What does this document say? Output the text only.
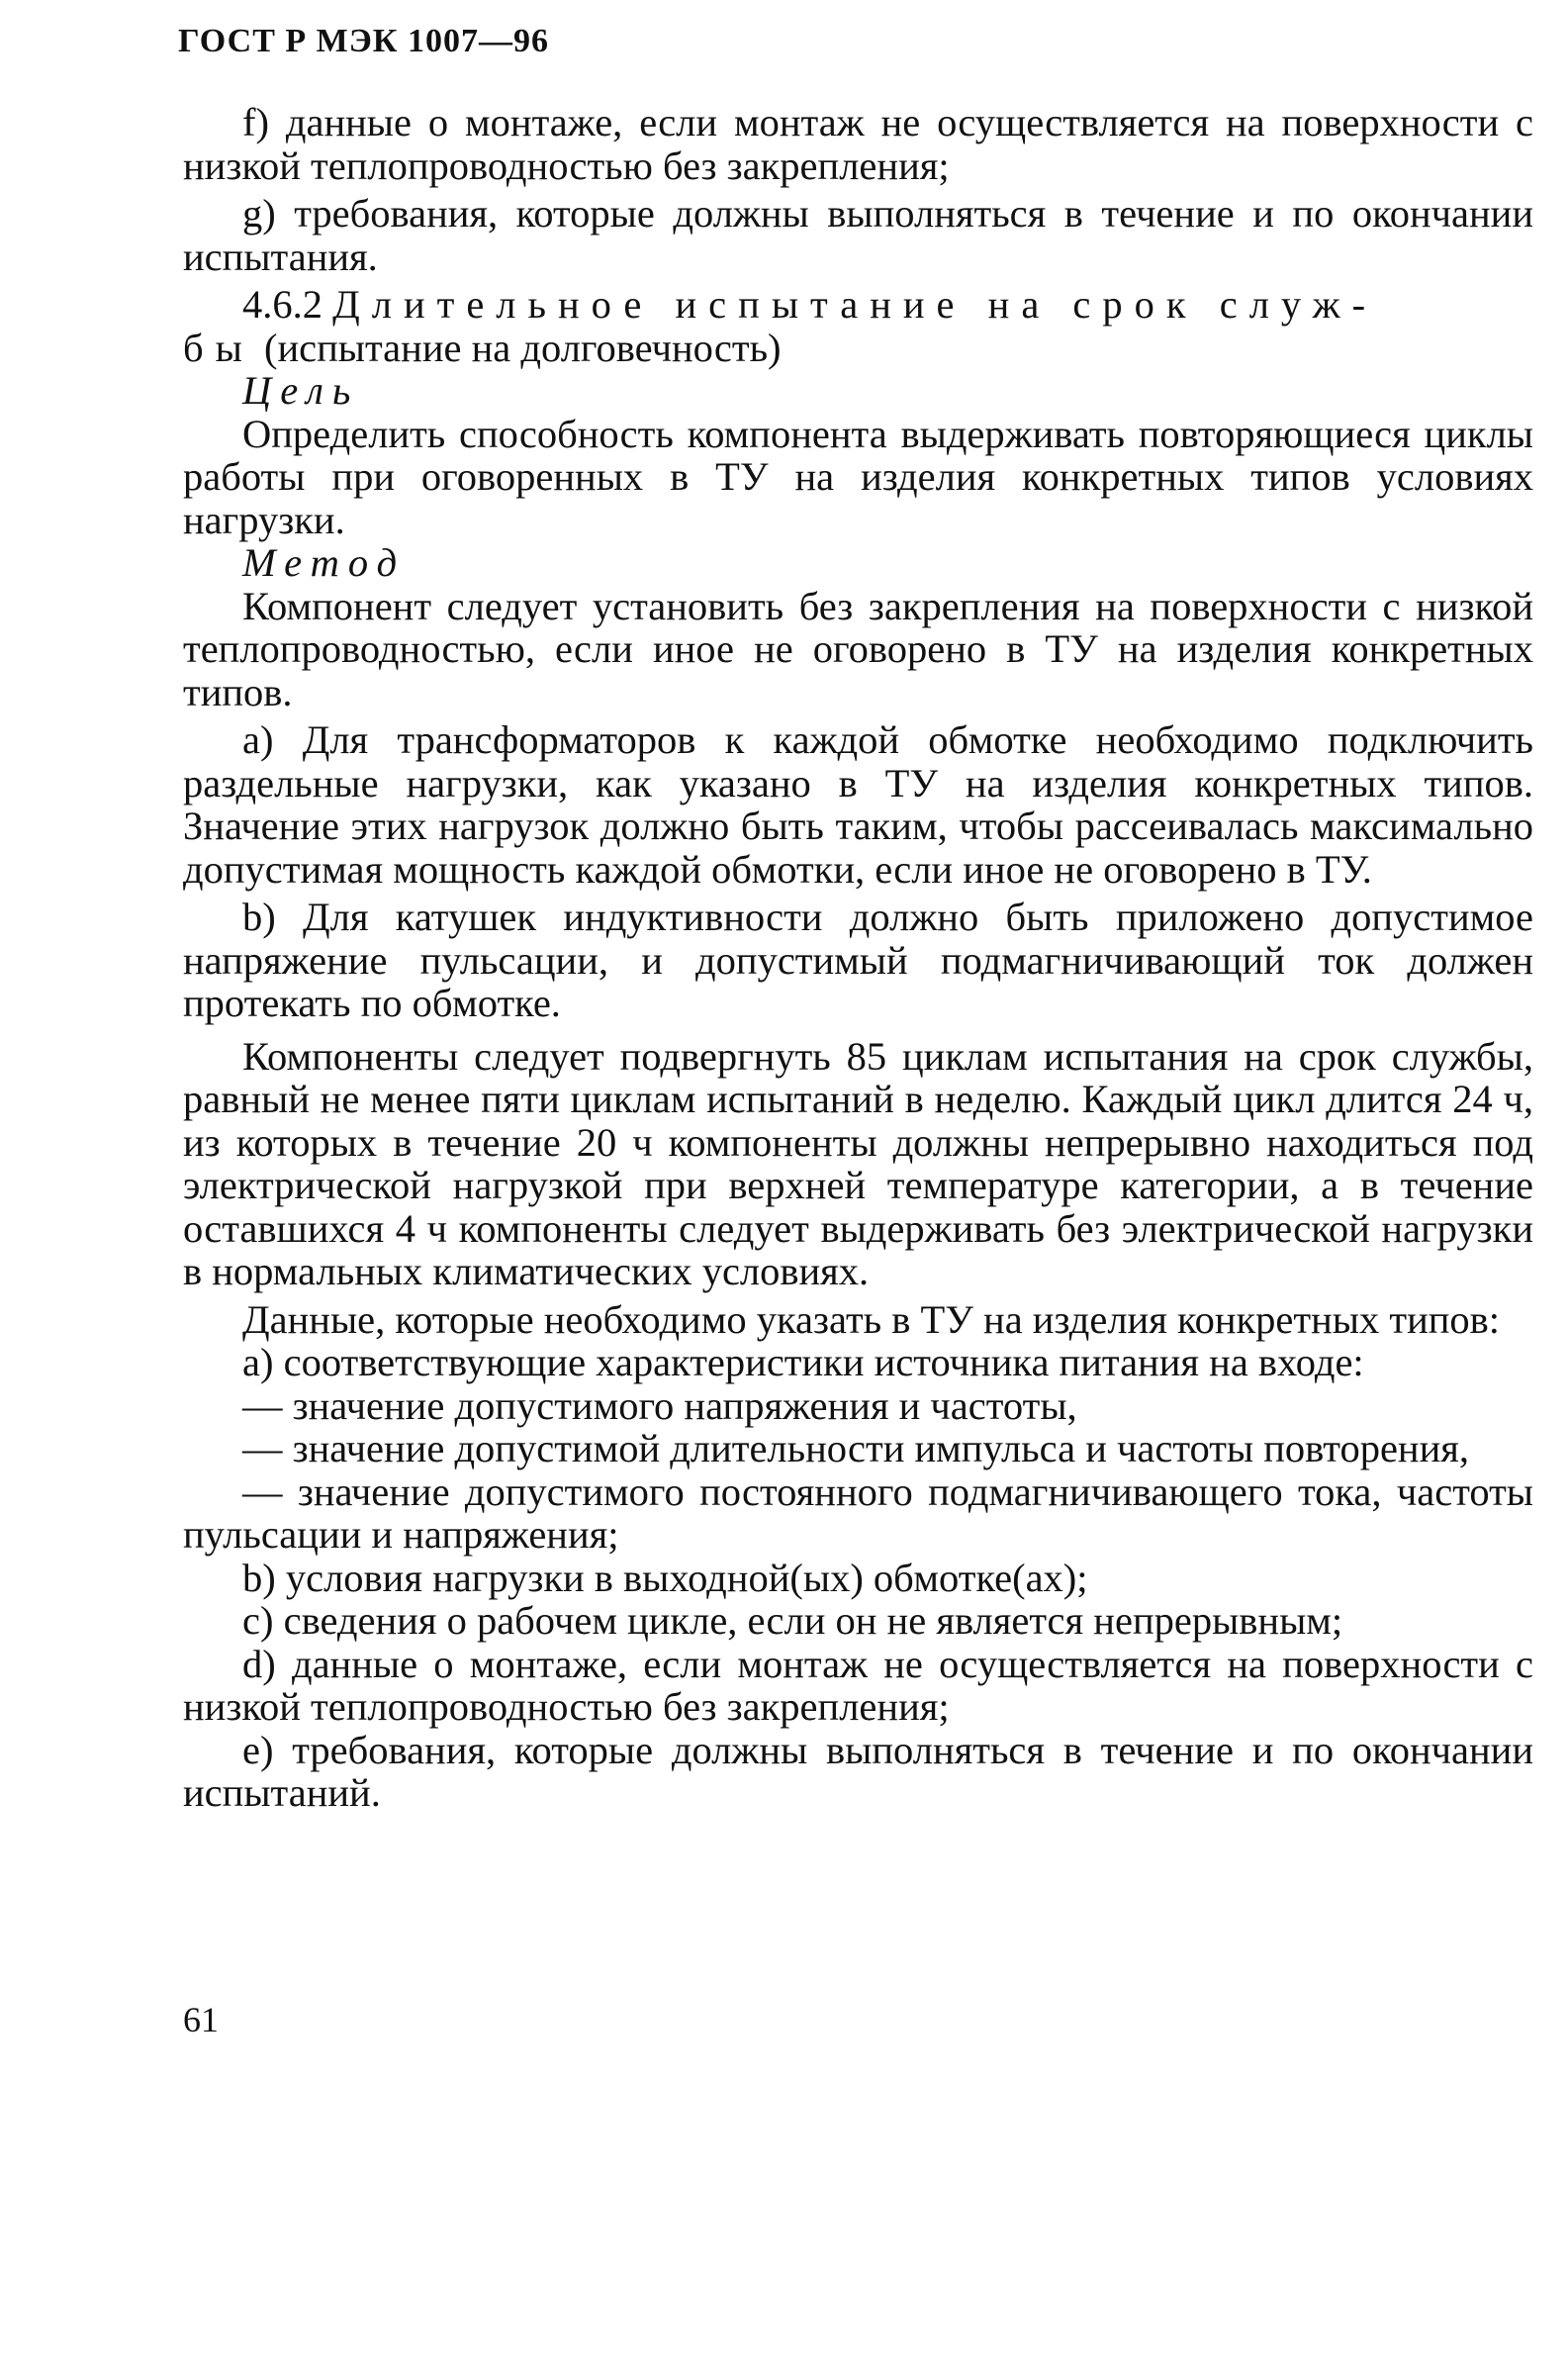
ГОСТ Р МЭК 1007—96

f) данные о монтаже, если монтаж не осуществляется на поверхности с низкой теплопроводностью без закрепления;

g) требования, которые должны выполняться в течение и по окончании испытания.

4.6.2 Длительное испытание на срок служ-

бы (испытание на долговечность)

Цель

Определить способность компонента выдерживать повторяющиеся циклы работы при оговоренных в ТУ на изделия конкретных типов условиях нагрузки.

Метод

Компонент следует установить без закрепления на поверхности с низкой теплопроводностью, если иное не оговорено в ТУ на изделия конкретных типов.

а) Для трансформаторов к каждой обмотке необходимо подключить раздельные нагрузки, как указано в ТУ на изделия конкретных типов. Значение этих нагрузок должно быть таким, чтобы рассеивалась максимально допустимая мощность каждой обмотки, если иное не оговорено в ТУ.

b) Для катушек индуктивности должно быть приложено допустимое напряжение пульсации, и допустимый подмагничивающий ток должен протекать по обмотке.

Компоненты следует подвергнуть 85 циклам испытания на срок службы, равный не менее пяти циклам испытаний в неделю. Каждый цикл длится 24 ч, из которых в течение 20 ч компоненты должны непрерывно находиться под электрической нагрузкой при верхней температуре категории, а в течение оставшихся 4 ч компоненты следует выдерживать без электрической нагрузки в нормальных климатических условиях.

Данные, которые необходимо указать в ТУ на изделия конкретных типов:

а) соответствующие характеристики источника питания на входе:

— значение допустимого напряжения и частоты,

— значение допустимой длительности импульса и частоты повторения,

— значение допустимого постоянного подмагничивающего тока, частоты пульсации и напряжения;

b) условия нагрузки в выходной(ых) обмотке(ах);

с) сведения о рабочем цикле, если он не является непрерывным;

d) данные о монтаже, если монтаж не осуществляется на поверхности с низкой теплопроводностью без закрепления;

е) требования, которые должны выполняться в течение и по окончании испытаний.

61
